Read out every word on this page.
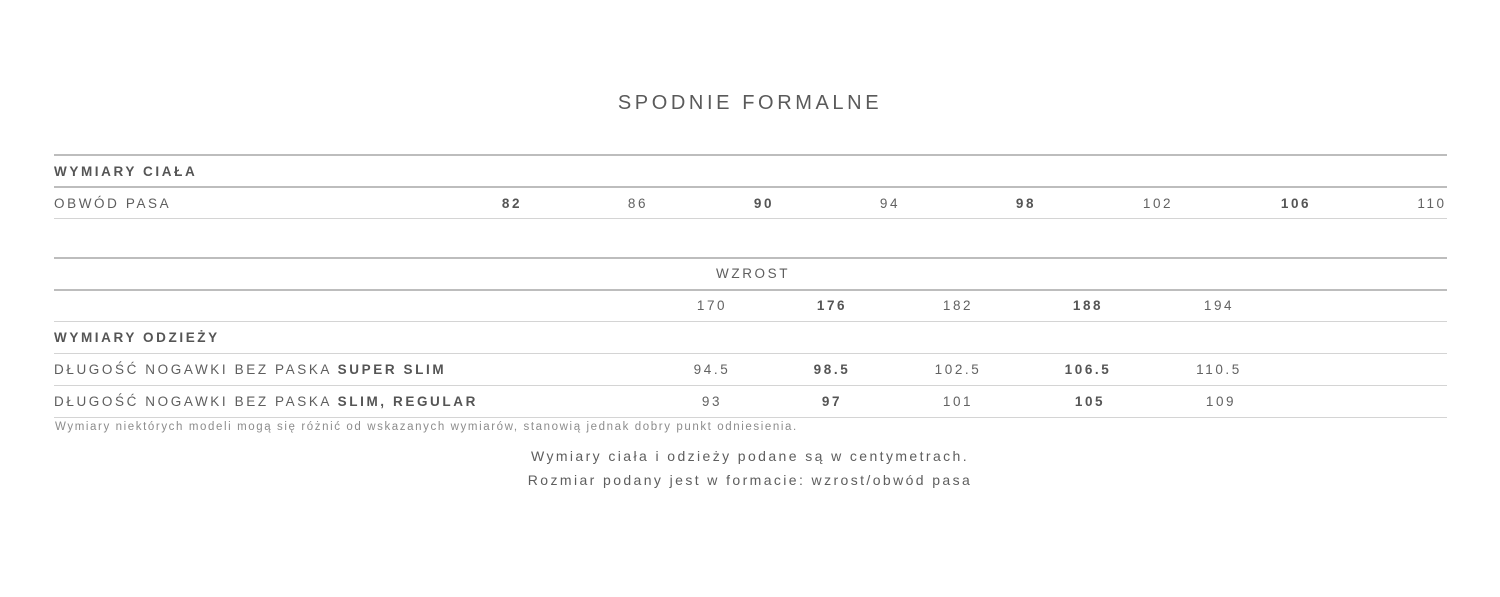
SPODNIE FORMALNE
WYMIARY CIAŁA
OBWÓD PASA	82	86	90	94	98	102	106	110
WZROST
170	176	182	188	194
WYMIARY ODZIEŻY
DŁUGOŚĆ NOGAWKI BEZ PASKA SUPER SLIM	94.5	98.5	102.5	106.5	110.5
DŁUGOŚĆ NOGAWKI BEZ PASKA SLIM, REGULAR	93	97	101	105	109
Wymiary niektórych modeli mogą się różnić od wskazanych wymiarów, stanowią jednak dobry punkt odniesienia.
Wymiary ciała i odzieży podane są w centymetrach.
Rozmiar podany jest w formacie: wzrost/obwód pasa
